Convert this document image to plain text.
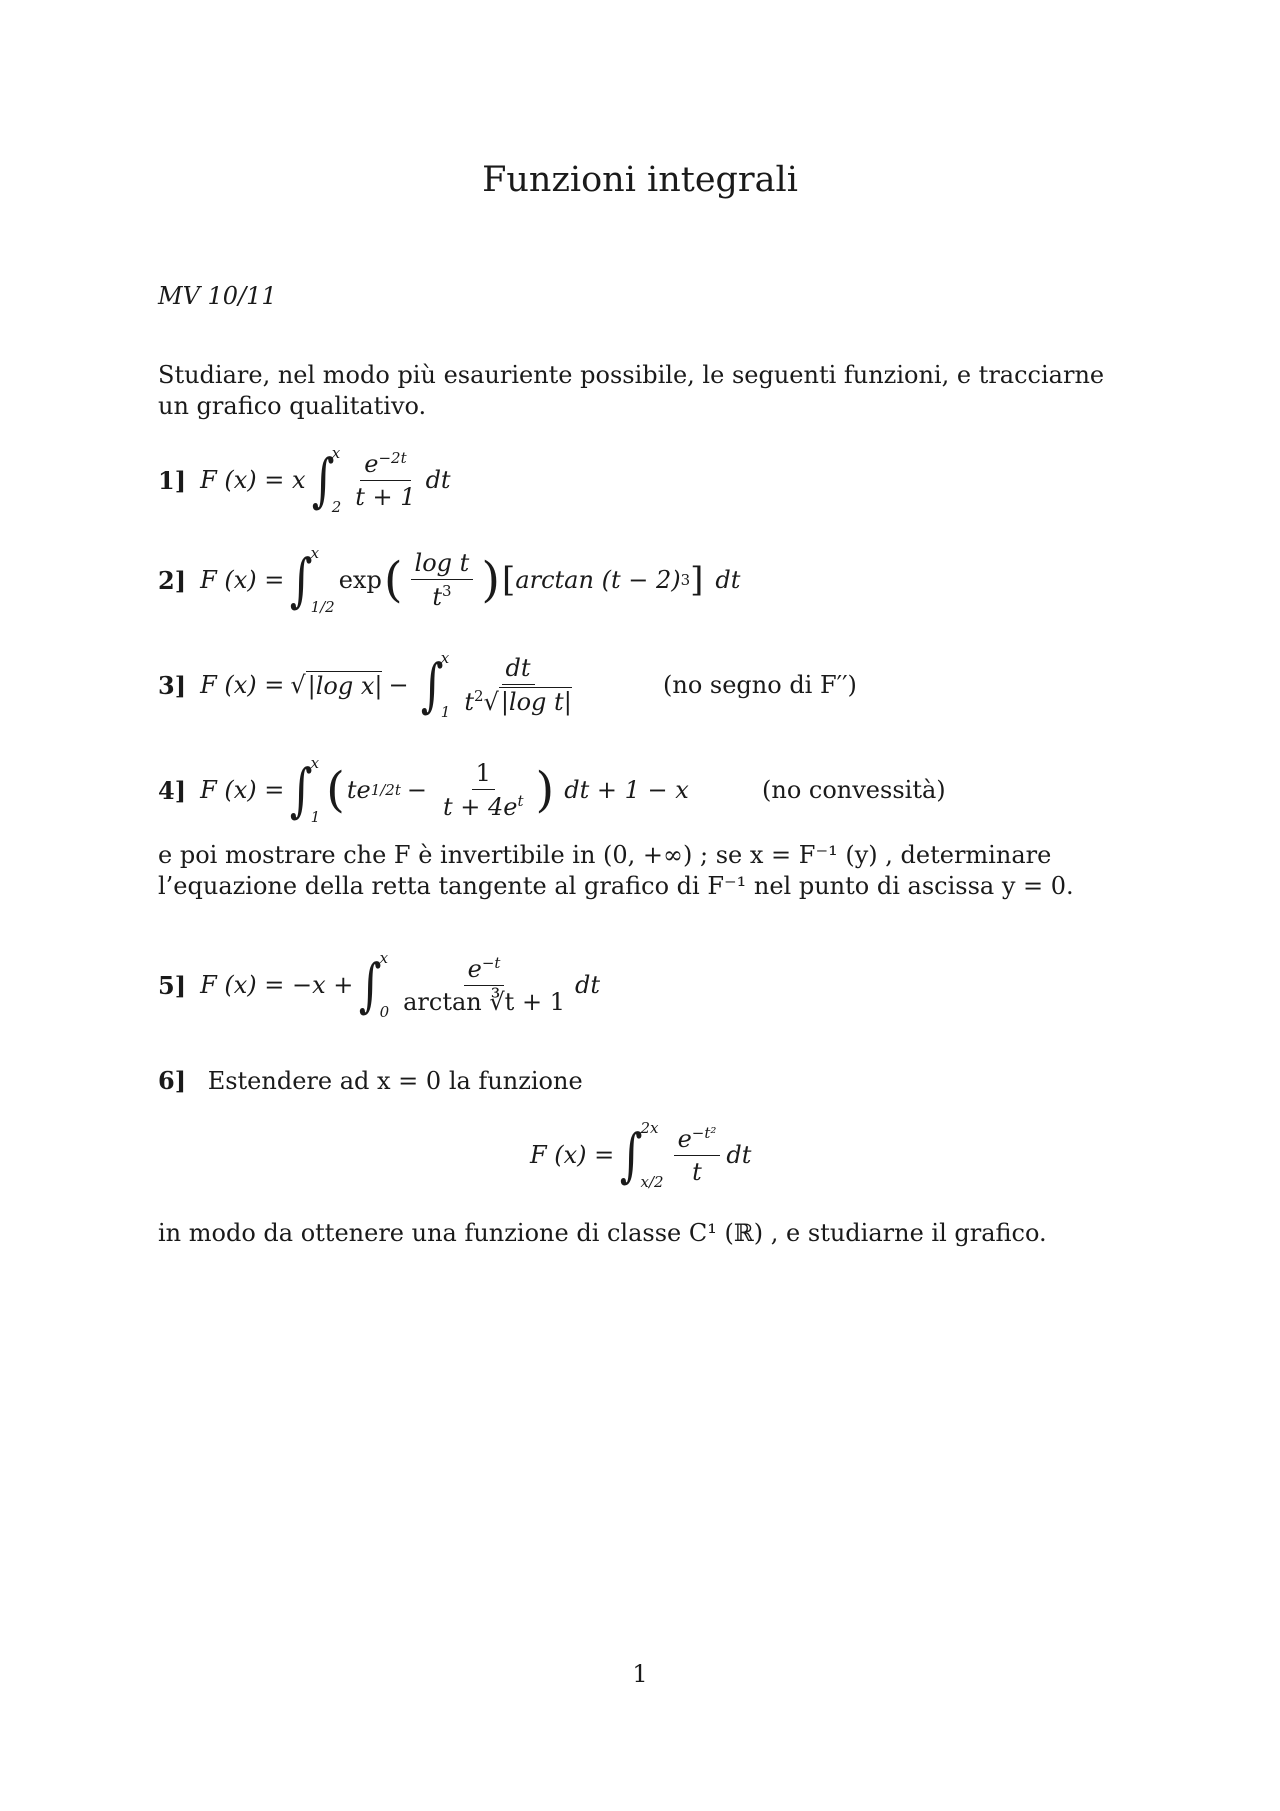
Funzioni integrali
MV 10/11
Studiare, nel modo più esauriente possibile, le seguenti funzioni, e tracciarne un grafico qualitativo.
1] F (x) = x ∫
x
$2 \frac{e^{-2t}}{t + 1}$ dt
2] F (x) = ∫
x
1/2
exp ( $\frac{\text{log t}}{t^3}$ ) [ arctan (t − 2) 3 ] dt
3] F (x) = √ |log x| − ∫
x
$1 \frac{dt}{t^2√|\log t|}$	(no segno di F′′)
4] F (x) = ∫
x
1 ( te $1/2t - \frac{1}{t + 4e^t}$ ) dt + 1 − x	(no convessità)
e poi mostrare che F è invertibile in (0, +∞) ; se x = F⁻¹ (y) , determinare l’equazione della retta tangente al grafico di F⁻¹ nel punto di ascissa y = 0.
5] F (x) = −x + ∫
x
$0 \frac{e^{-t}}{\arctan ∛t + 1}$ dt
6] Estendere ad x = 0 la funzione
F (x) = ∫
2x
$x/2 \frac{e^{-t^2}}{t}$ dt
in modo da ottenere una funzione di classe C¹ (ℝ) , e studiarne il grafico.
1
